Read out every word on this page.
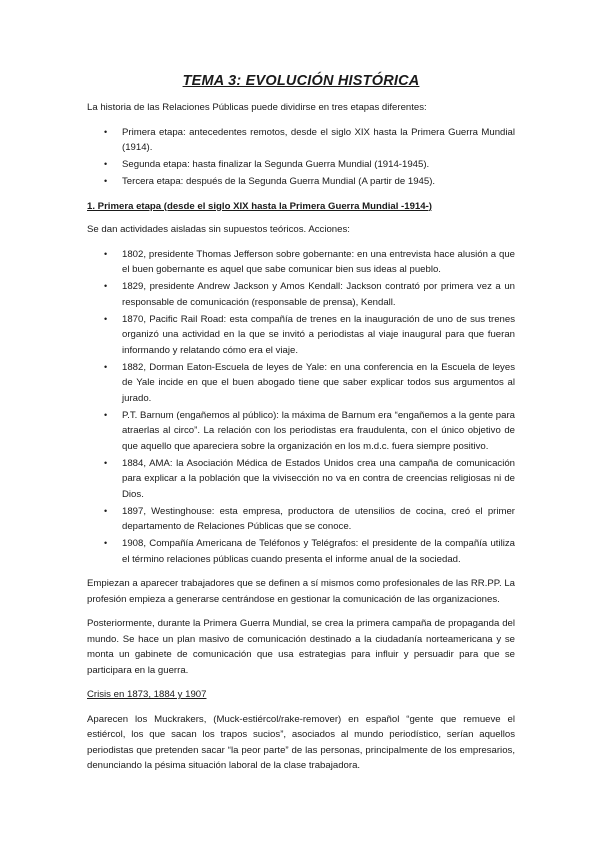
TEMA 3: EVOLUCIÓN HISTÓRICA

La historia de las Relaciones Públicas puede dividirse en tres etapas diferentes:

• Primera etapa: antecedentes remotos, desde el siglo XIX hasta la Primera Guerra Mundial (1914).
• Segunda etapa: hasta finalizar la Segunda Guerra Mundial (1914-1945).
• Tercera etapa: después de la Segunda Guerra Mundial (A partir de 1945).
1. Primera etapa (desde el siglo XIX hasta la Primera Guerra Mundial -1914-)

Se dan actividades aisladas sin supuestos teóricos. Acciones:

• 1802, presidente Thomas Jefferson sobre gobernante: en una entrevista hace alusión a que el buen gobernante es aquel que sabe comunicar bien sus ideas al pueblo.
• 1829, presidente Andrew Jackson y Amos Kendall: Jackson contrató por primera vez a un responsable de comunicación (responsable de prensa), Kendall.
• 1870, Pacific Rail Road: esta compañía de trenes en la inauguración de uno de sus trenes organizó una actividad en la que se invitó a periodistas al viaje inaugural para que fueran informando y relatando cómo era el viaje.
• 1882, Dorman Eaton-Escuela de leyes de Yale: en una conferencia en la Escuela de leyes de Yale incide en que el buen abogado tiene que saber explicar todos sus argumentos al jurado.
• P.T. Barnum (engañemos al público): la máxima de Barnum era “engañemos a la gente para atraerlas al circo”. La relación con los periodistas era fraudulenta, con el único objetivo de que aquello que apareciera sobre la organización en los m.d.c. fuera siempre positivo.
• 1884, AMA: la Asociación Médica de Estados Unidos crea una campaña de comunicación para explicar a la población que la vivisección no va en contra de creencias religiosas ni de Dios.
• 1897, Westinghouse: esta empresa, productora de utensilios de cocina, creó el primer departamento de Relaciones Públicas que se conoce.
• 1908, Compañía Americana de Teléfonos y Telégrafos: el presidente de la compañía utiliza el término relaciones públicas cuando presenta el informe anual de la sociedad.

Empiezan a aparecer trabajadores que se definen a sí mismos como profesionales de las RR.PP. La profesión empieza a generarse centrándose en gestionar la comunicación de las organizaciones.

Posteriormente, durante la Primera Guerra Mundial, se crea la primera campaña de propaganda del mundo. Se hace un plan masivo de comunicación destinado a la ciudadanía norteamericana y se monta un gabinete de comunicación que usa estrategias para influir y persuadir para que se participara en la guerra.

Crisis en 1873, 1884 y 1907

Aparecen los Muckrakers, (Muck-estiércol/rake-remover) en español “gente que remueve el estiércol, los que sacan los trapos sucios”, asociados al mundo periodístico, serían aquellos periodistas que pretenden sacar “la peor parte” de las personas, principalmente de los empresarios, denunciando la pésima situación laboral de la clase trabajadora.
